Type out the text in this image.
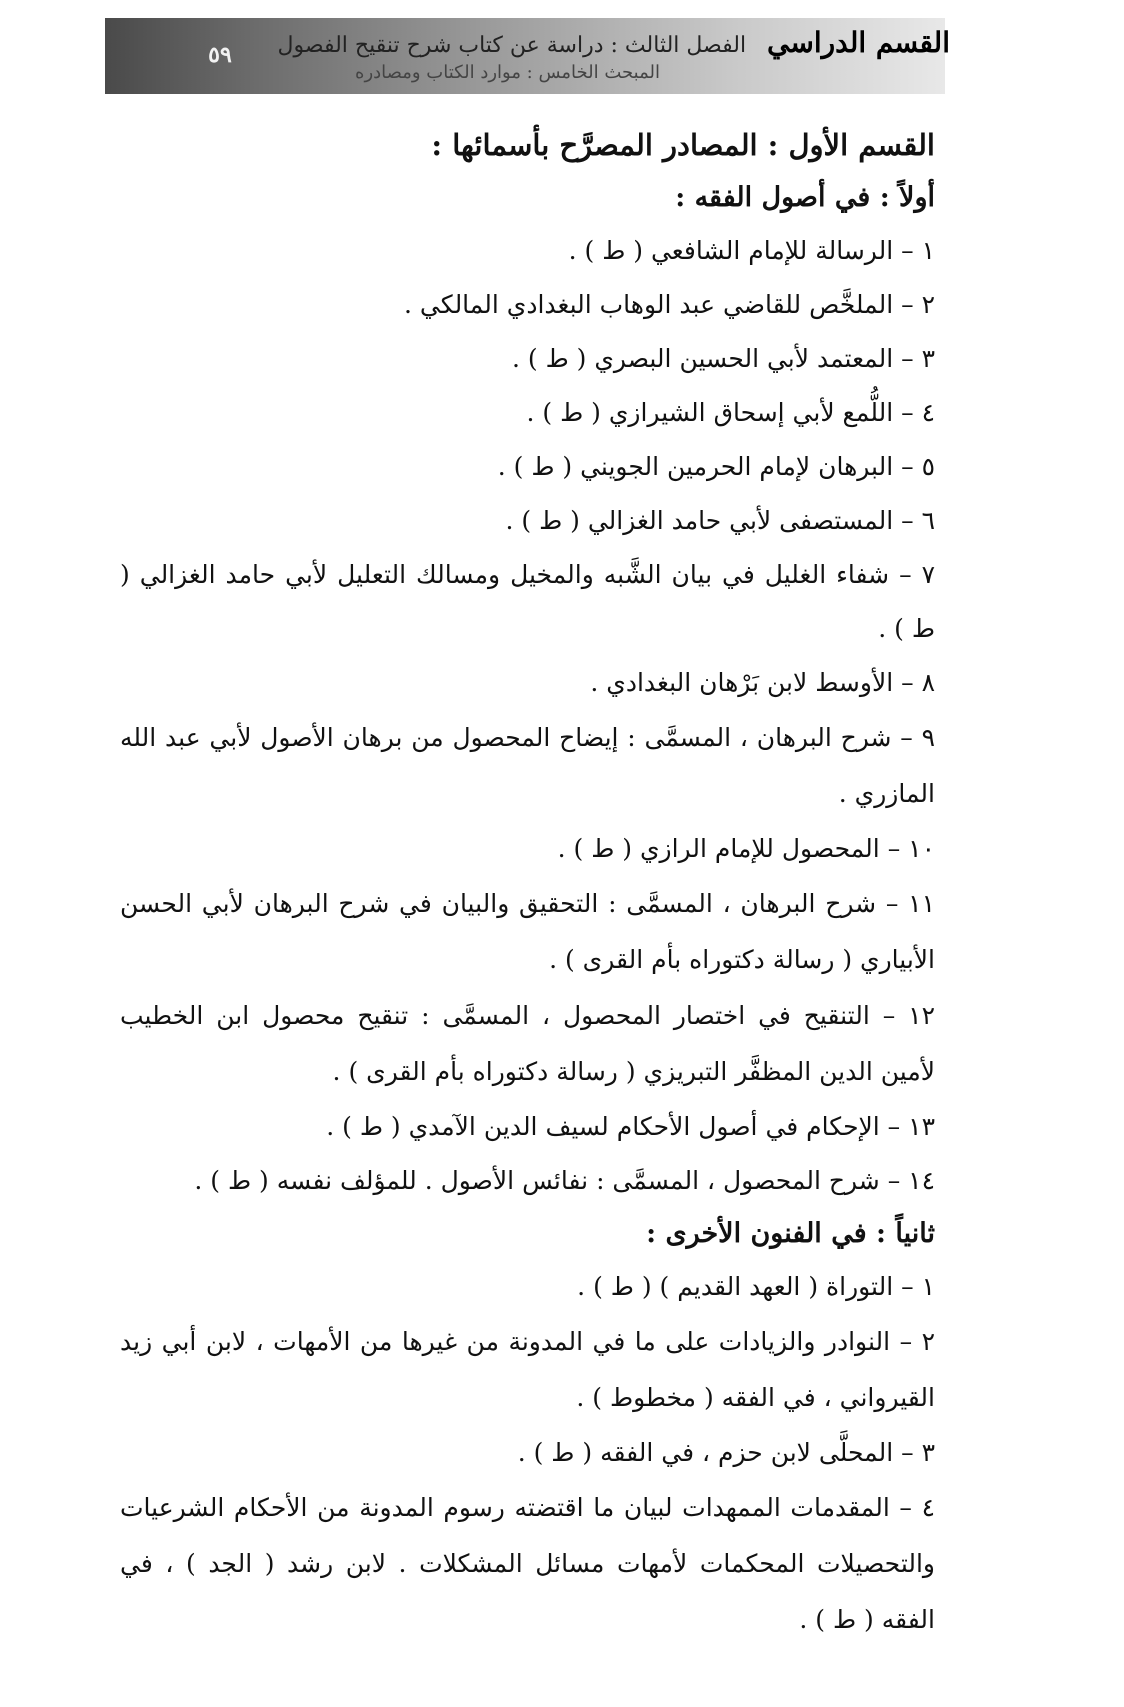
٥٩	القسم الدراسي   الفصل الثالث : دراسة عن كتاب شرح تنقيح الفصول
المبحث الخامس : موارد الكتاب ومصادره

القسم الأول : المصادر المصرَّح بأسمائها :

أولاً : في أصول الفقه :

١ – الرسالة للإمام الشافعي ( ط ) .

٢ – الملخَّص للقاضي عبد الوهاب البغدادي المالكي .

٣ – المعتمد لأبي الحسين البصري ( ط ) .

٤ – اللُّمع لأبي إسحاق الشيرازي ( ط ) .

٥ – البرهان لإمام الحرمين الجويني ( ط ) .

٦ – المستصفى لأبي حامد الغزالي ( ط ) .

٧ – شفاء الغليل في بيان الشَّبه والمخيل ومسالك التعليل لأبي حامد الغزالي ( ط ) .

٨ – الأوسط لابن بَرْهان البغدادي .

٩ – شرح البرهان ، المسمَّى : إيضاح المحصول من برهان الأصول لأبي عبد الله المازري .

١٠ – المحصول للإمام الرازي ( ط ) .

١١ – شرح البرهان ، المسمَّى : التحقيق والبيان في شرح البرهان لأبي الحسن الأبياري ( رسالة دكتوراه بأم القرى ) .

١٢ – التنقيح في اختصار المحصول ، المسمَّى : تنقيح محصول ابن الخطيب لأمين الدين المظفَّر التبريزي ( رسالة دكتوراه بأم القرى ) .

١٣ – الإحكام في أصول الأحكام لسيف الدين الآمدي ( ط ) .

١٤ – شرح المحصول ، المسمَّى : نفائس الأصول . للمؤلف نفسه ( ط ) .

ثانياً : في الفنون الأخرى :

١ – التوراة ( العهد القديم ) ( ط ) .

٢ – النوادر والزيادات على ما في المدونة من غيرها من الأمهات ، لابن أبي زيد القيرواني ، في الفقه ( مخطوط ) .

٣ – المحلَّى لابن حزم ، في الفقه ( ط ) .

٤ – المقدمات الممهدات لبيان ما اقتضته رسوم المدونة من الأحكام الشرعيات والتحصيلات المحكمات لأمهات مسائل المشكلات . لابن رشد ( الجد ) ، في الفقه ( ط ) .
